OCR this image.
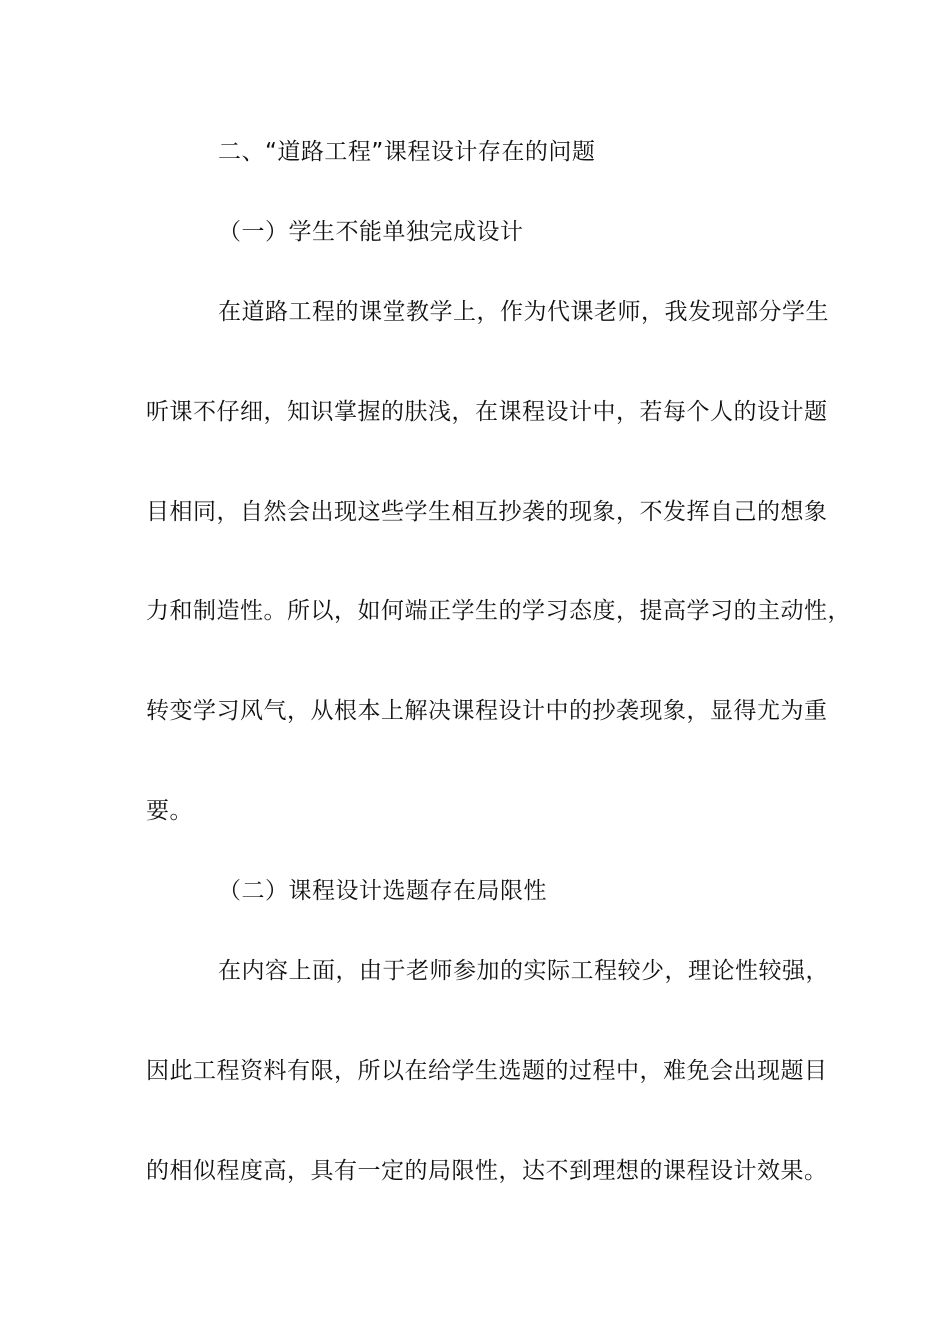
二、“道路工程”课程设计存在的问题
（一）学生不能单独完成设计
在道路工程的课堂教学上，作为代课老师，我发现部分学生
听课不仔细，知识掌握的肤浅，在课程设计中，若每个人的设计题
目相同，自然会出现这些学生相互抄袭的现象，不发挥自己的想象
力和制造性。所以，如何端正学生的学习态度，提高学习的主动性，
转变学习风气，从根本上解决课程设计中的抄袭现象，显得尤为重
要。
（二）课程设计选题存在局限性
在内容上面，由于老师参加的实际工程较少，理论性较强，
因此工程资料有限，所以在给学生选题的过程中，难免会出现题目
的相似程度高，具有一定的局限性，达不到理想的课程设计效果。
